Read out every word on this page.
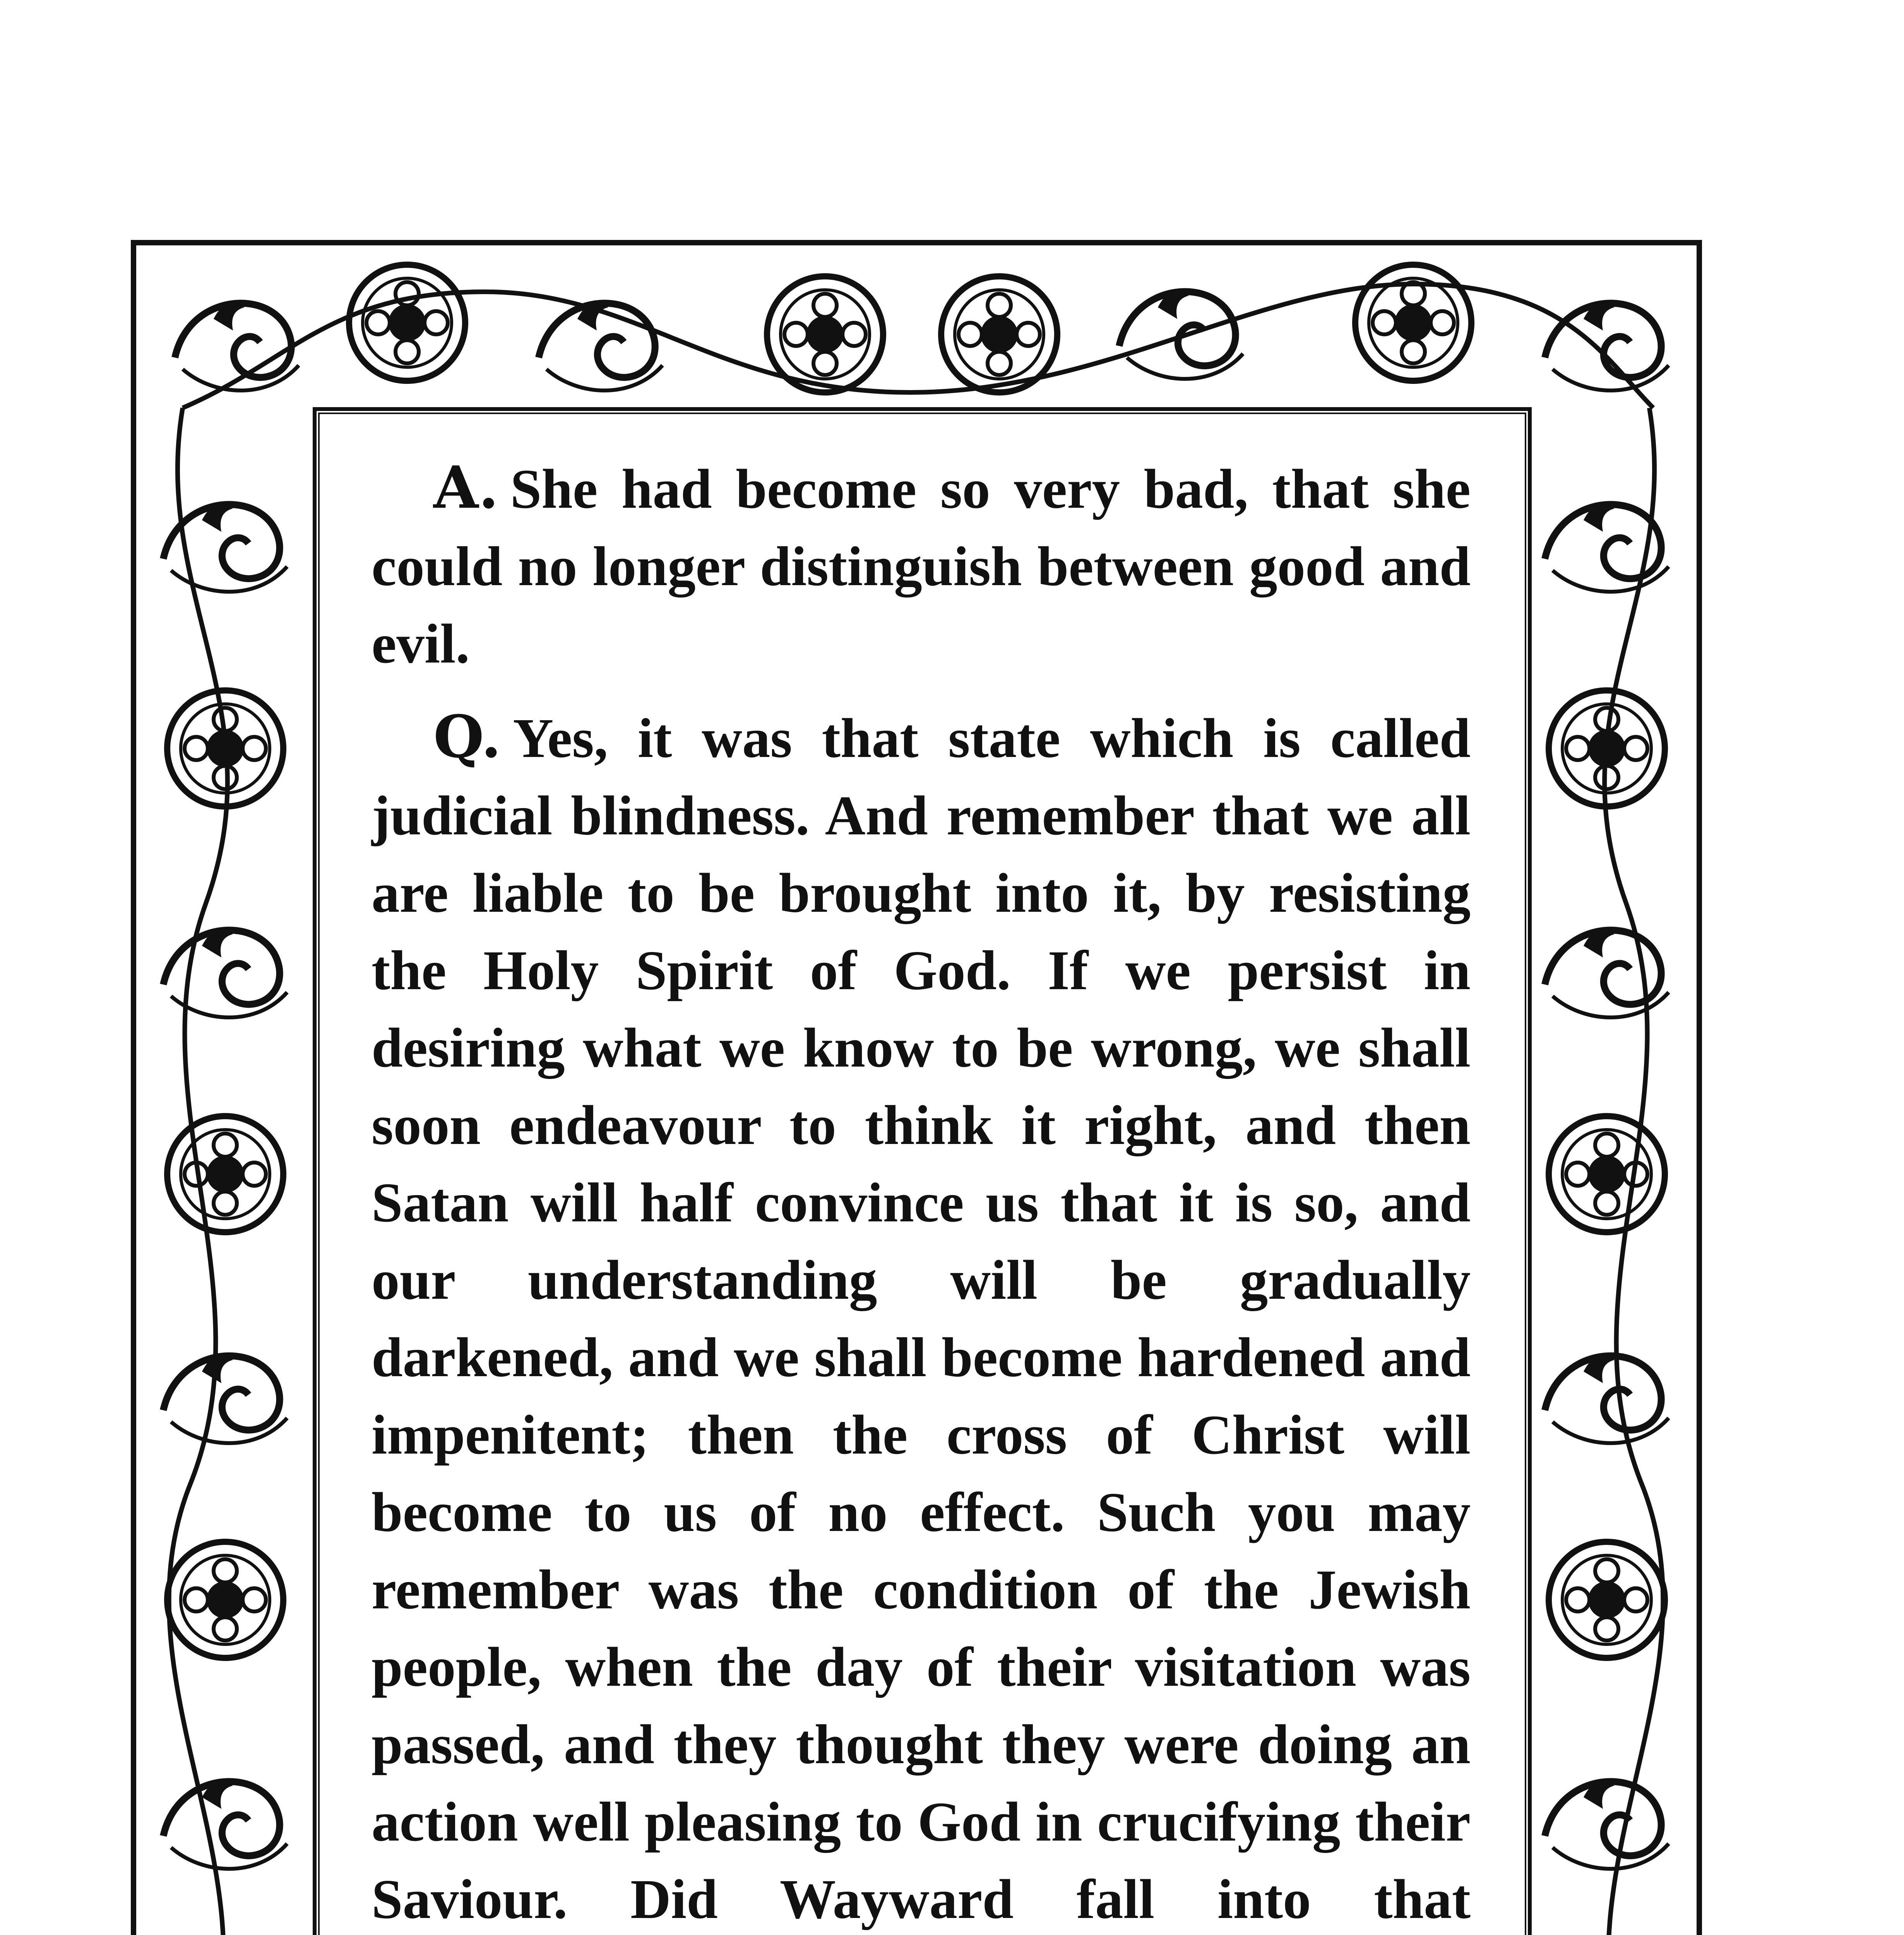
A. She had become so very bad, that she could no longer distinguish between good and evil.

Q. Yes, it was that state which is called judicial blindness. And remember that we all are liable to be brought into it, by resisting the Holy Spirit of God. If we persist in desiring what we know to be wrong, we shall soon endeavour to think it right, and then Satan will half convince us that it is so, and our understanding will be gradually darkened, and we shall become hardened and impenitent; then the cross of Christ will become to us of no effect. Such you may remember was the condition of the Jewish people, when the day of their visitation was passed, and they thought they were doing an action well pleasing to God in crucifying their Saviour. Did Wayward fall into that
